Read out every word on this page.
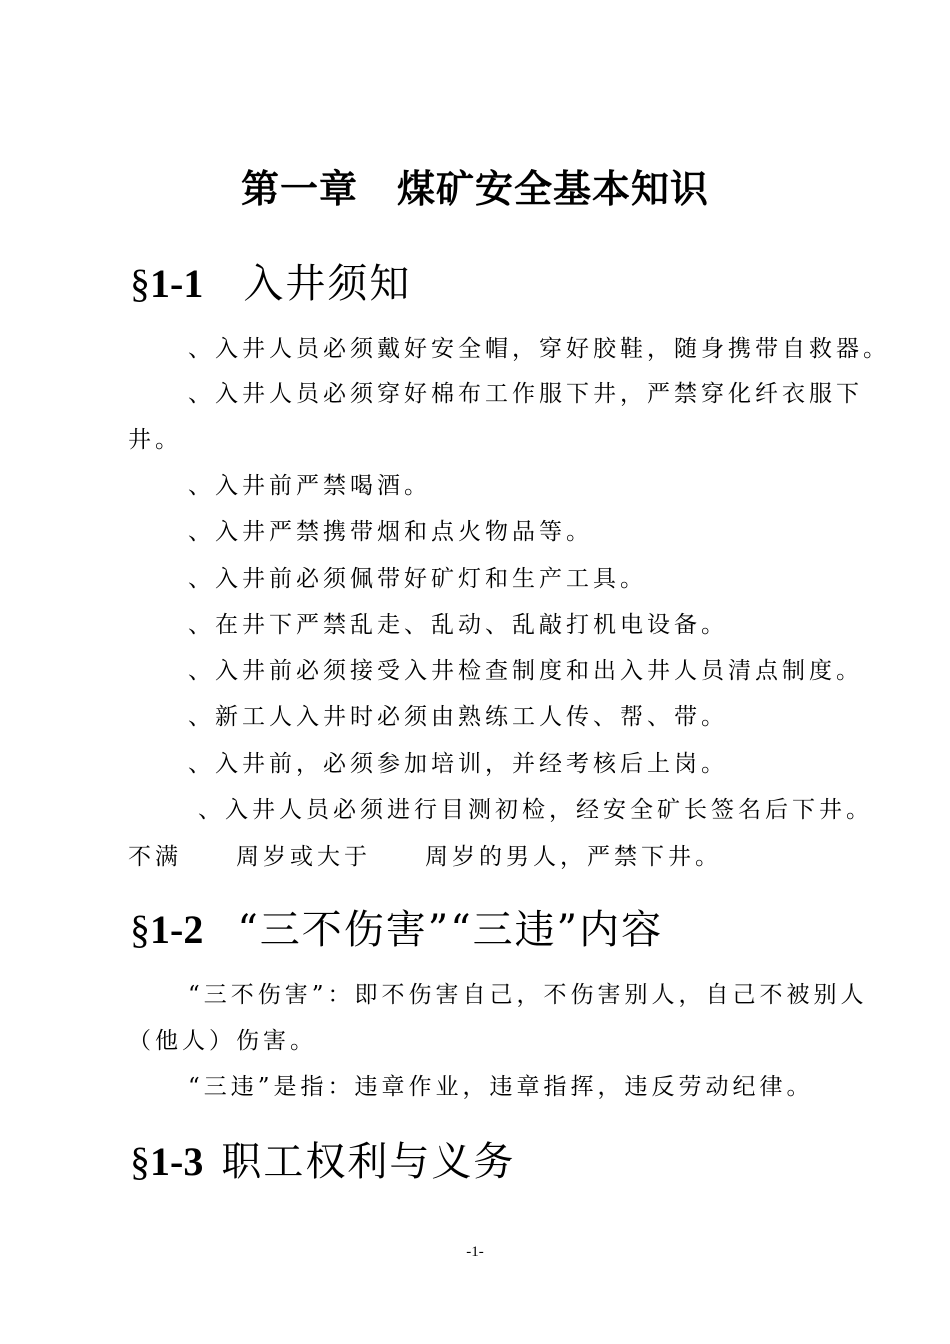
第一章　煤矿安全基本知识
§1-1 入井须知
、入井人员必须戴好安全帽，穿好胶鞋，随身携带自救器。
、入井人员必须穿好棉布工作服下井，严禁穿化纤衣服下
井。
、入井前严禁喝酒。
、入井严禁携带烟和点火物品等。
、入井前必须佩带好矿灯和生产工具。
、在井下严禁乱走、乱动、乱敲打机电设备。
、入井前必须接受入井检查制度和出入井人员清点制度。
、新工人入井时必须由熟练工人传、帮、带。
、入井前，必须参加培训，并经考核后上岗。
、入井人员必须进行目测初检，经安全矿长签名后下井。
不满　　周岁或大于　　周岁的男人，严禁下井。
§1-2 “三不伤害”“三违”内容
“三不伤害”：即不伤害自己，不伤害别人，自己不被别人
（他人）伤害。
“三违”是指：违章作业，违章指挥，违反劳动纪律。
§1-3 职工权利与义务
-1-
